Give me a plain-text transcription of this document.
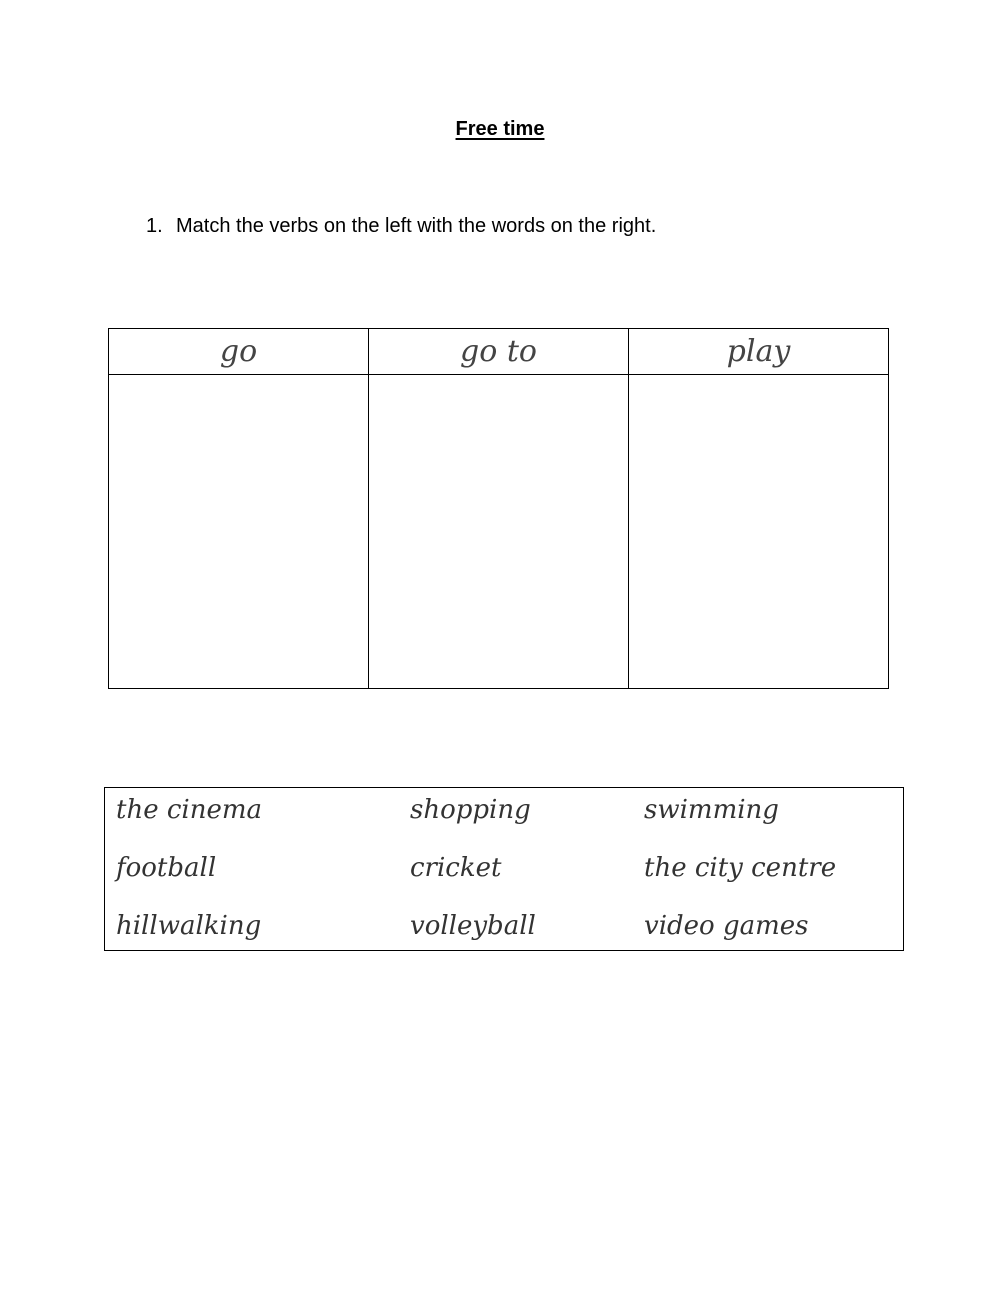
Free time
1. Match the verbs on the left with the words on the right.
go	go to	play

the cinema	shopping	swimming
football	cricket	the city centre
hillwalking	volleyball	video games
